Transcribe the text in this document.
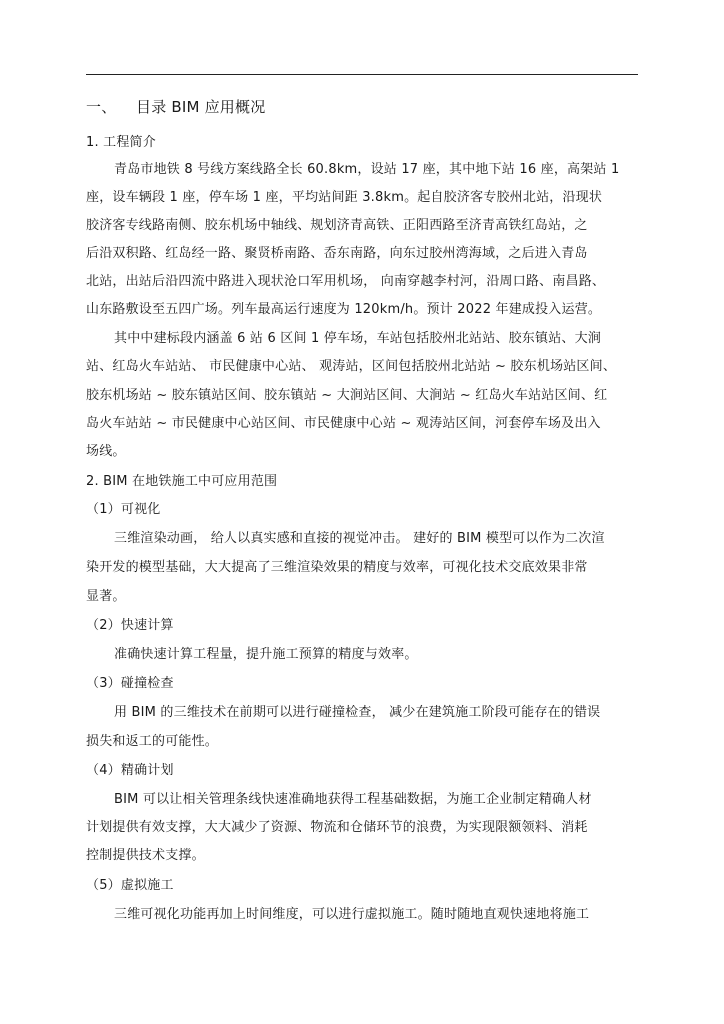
一、 目录 BIM 应用概况
1. 工程简介
青岛市地铁 8 号线方案线路全长 60.8km，设站 17 座，其中地下站 16 座，高架站 1
座，设车辆段 1 座，停车场 1 座，平均站间距 3.8km。起自胶济客专胶州北站，沿现状
胶济客专线路南侧、胶东机场中轴线、规划济青高铁、正阳西路至济青高铁红岛站，之
后沿双积路、红岛经一路、聚贤桥南路、岙东南路，向东过胶州湾海域，之后进入青岛
北站，出站后沿四流中路进入现状沧口军用机场， 向南穿越李村河，沿周口路、南昌路、
山东路敷设至五四广场。列车最高运行速度为 120km/h。预计 2022 年建成投入运营。
其中中建标段内涵盖 6 站 6 区间 1 停车场，车站包括胶州北站站、胶东镇站、大涧
站、红岛火车站站、 市民健康中心站、 观涛站，区间包括胶州北站站 ~ 胶东机场站区间、
胶东机场站 ~ 胶东镇站区间、胶东镇站 ~ 大涧站区间、大涧站 ~ 红岛火车站站区间、红
岛火车站站 ~ 市民健康中心站区间、市民健康中心站 ~ 观涛站区间，河套停车场及出入
场线。
2. BIM 在地铁施工中可应用范围
（1）可视化
三维渲染动画， 给人以真实感和直接的视觉冲击。 建好的 BIM 模型可以作为二次渲
染开发的模型基础，大大提高了三维渲染效果的精度与效率，可视化技术交底效果非常
显著。
（2）快速计算
准确快速计算工程量，提升施工预算的精度与效率。
（3）碰撞检查
用 BIM 的三维技术在前期可以进行碰撞检查， 减少在建筑施工阶段可能存在的错误
损失和返工的可能性。
（4）精确计划
BIM 可以让相关管理条线快速准确地获得工程基础数据，为施工企业制定精确人材
计划提供有效支撑，大大减少了资源、物流和仓储环节的浪费，为实现限额领料、消耗
控制提供技术支撑。
（5）虚拟施工
三维可视化功能再加上时间维度，可以进行虚拟施工。随时随地直观快速地将施工
